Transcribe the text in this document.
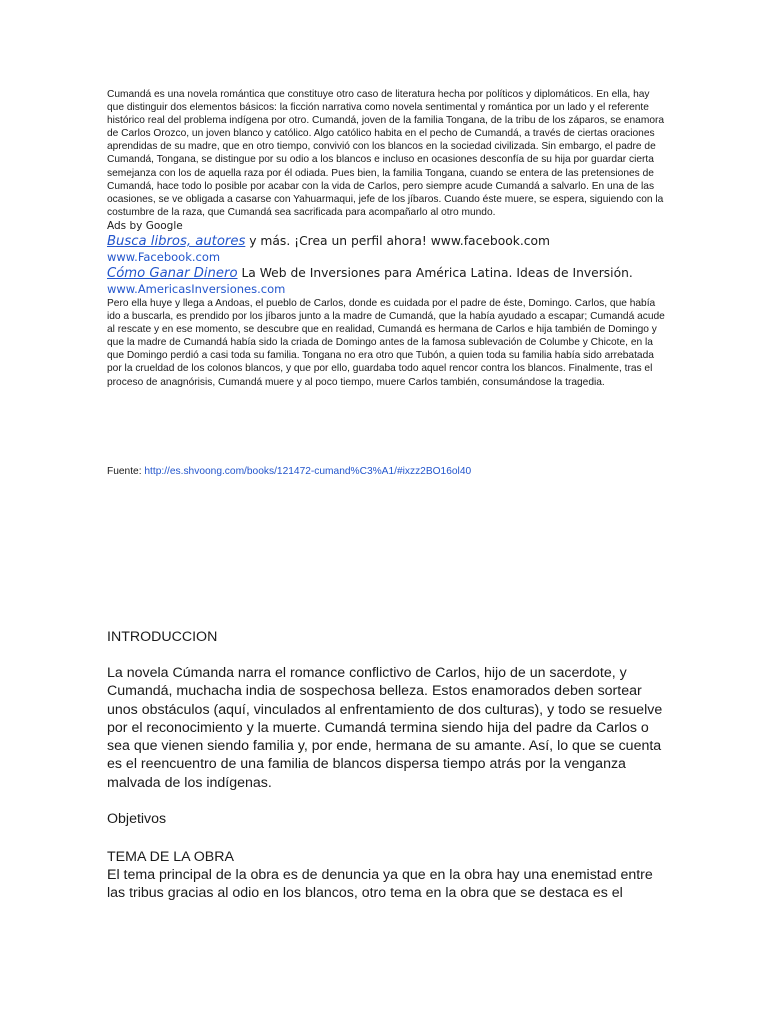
Cumandá es una novela romántica que constituye otro caso de literatura hecha por políticos y diplomáticos. En ella, hay que distinguir dos elementos básicos: la ficción narrativa como novela sentimental y romántica por un lado y el referente histórico real del problema indígena por otro. Cumandá, joven de la familia Tongana, de la tribu de los záparos, se enamora de Carlos Orozco, un joven blanco y católico. Algo católico habita en el pecho de Cumandá, a través de ciertas oraciones aprendidas de su madre, que en otro tiempo, convivió con los blancos en la sociedad civilizada. Sin embargo, el padre de Cumandá, Tongana, se distingue por su odio a los blancos e incluso en ocasiones desconfía de su hija por guardar cierta semejanza con los de aquella raza por él odiada. Pues bien, la familia Tongana, cuando se entera de las pretensiones de Cumandá, hace todo lo posible por acabar con la vida de Carlos, pero siempre acude Cumandá a salvarlo. En una de las ocasiones, se ve obligada a casarse con Yahuarmaqui, jefe de los jíbaros. Cuando éste muere, se espera, siguiendo con la costumbre de la raza, que Cumandá sea sacrificada para acompañarlo al otro mundo.

Ads by Google

Busca libros, autores y más. ¡Crea un perfil ahora! www.facebook.com
www.Facebook.com
Cómo Ganar Dinero La Web de Inversiones para América Latina. Ideas de Inversión.
www.AmericasInversiones.com

Pero ella huye y llega a Andoas, el pueblo de Carlos, donde es cuidada por el padre de éste, Domingo. Carlos, que había ido a buscarla, es prendido por los jíbaros junto a la madre de Cumandá, que la había ayudado a escapar; Cumandá acude al rescate y en ese momento, se descubre que en realidad, Cumandá es hermana de Carlos e hija también de Domingo y que la madre de Cumandá había sido la criada de Domingo antes de la famosa sublevación de Columbe y Chicote, en la que Domingo perdió a casi toda su familia. Tongana no era otro que Tubón, a quien toda su familia había sido arrebatada por la crueldad de los colonos blancos, y que por ello, guardaba todo aquel rencor contra los blancos. Finalmente, tras el proceso de anagnórisis, Cumandá muere y al poco tiempo, muere Carlos también, consumándose la tragedia.

Fuente: http://es.shvoong.com/books/121472-cumand%C3%A1/#ixzz2BO16ol40

INTRODUCCION

La novela Cúmanda narra el romance conflictivo de Carlos, hijo de un sacerdote, y Cumandá, muchacha india de sospechosa belleza. Estos enamorados deben sortear unos obstáculos (aquí, vinculados al enfrentamiento de dos culturas), y todo se resuelve por el reconocimiento y la muerte. Cumandá termina siendo hija del padre da Carlos o sea que vienen siendo familia y, por ende, hermana de su amante. Así, lo que se cuenta es el reencuentro de una familia de blancos dispersa tiempo atrás por la venganza malvada de los indígenas.

Objetivos

TEMA DE LA OBRA

El tema principal de la obra es de denuncia ya que en la obra hay una enemistad entre las tribus gracias al odio en los blancos, otro tema en la obra que se destaca es el
